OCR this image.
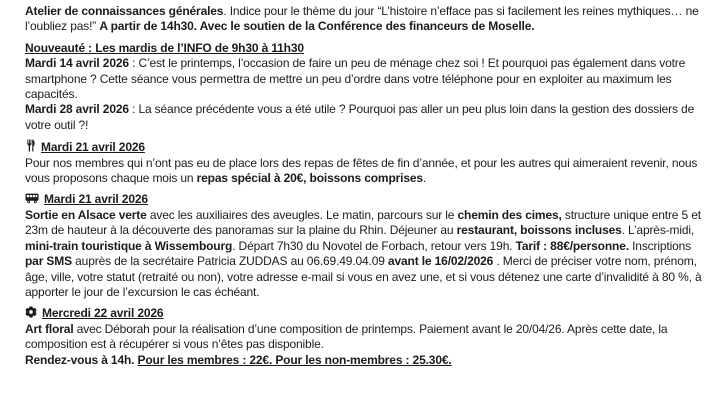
Atelier de connaissances générales. Indice pour le thème du jour “L’histoire n’efface pas si facilement les reines mythiques… ne l’oubliez pas!” A partir de 14h30. Avec le soutien de la Conférence des financeurs de Moselle.

Nouveauté : Les mardis de l’INFO de 9h30 à 11h30

Mardi 14 avril 2026 : C’est le printemps, l’occasion de faire un peu de ménage chez soi ! Et pourquoi pas également dans votre smartphone ? Cette séance vous permettra de mettre un peu d’ordre dans votre téléphone pour en exploiter au maximum les capacités.

Mardi 28 avril 2026 : La séance précédente vous a été utile ? Pourquoi pas aller un peu plus loin dans la gestion des dossiers de votre outil ?!

Mardi 21 avril 2026

Pour nos membres qui n’ont pas eu de place lors des repas de fêtes de fin d’année, et pour les autres qui aimeraient revenir, nous vous proposons chaque mois un repas spécial à 20€, boissons comprises.

Mardi 21 avril 2026

Sortie en Alsace verte avec les auxiliaires des aveugles. Le matin, parcours sur le chemin des cimes, structure unique entre 5 et 23m de hauteur à la découverte des panoramas sur la plaine du Rhin. Déjeuner au restaurant, boissons incluses. L’après-midi, mini-train touristique à Wissembourg. Départ 7h30 du Novotel de Forbach, retour vers 19h. Tarif : 88€/personne. Inscriptions par SMS auprès de la secrétaire Patricia ZUDDAS au 06.69.49.04.09 avant le 16/02/2026 . Merci de préciser votre nom, prénom, âge, ville, votre statut (retraité ou non), votre adresse e-mail si vous en avez une, et si vous détenez une carte d’invalidité à 80 %, à apporter le jour de l’excursion le cas échéant.

Mercredi 22 avril 2026

Art floral avec Déborah pour la réalisation d’une composition de printemps. Paiement avant le 20/04/26. Après cette date, la composition est à récupérer si vous n’êtes pas disponible.

Rendez-vous à 14h. Pour les membres : 22€. Pour les non-membres : 25.30€.
